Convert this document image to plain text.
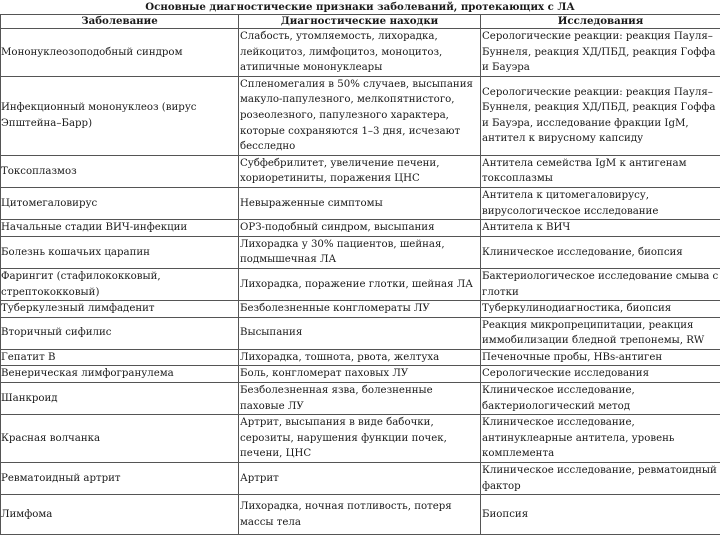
Основные диагностические признаки заболеваний, протекающих с ЛА
Заболевание	Диагностические находки	Исследования
Мононуклеозоподобный синдром	Слабость, утомляемость, лихорадка, лейкоцитоз, лимфоцитоз, моноцитоз, атипичные мононуклеары	Серологические реакции: реакция Пауля–Буннеля, реакция ХД/ПБД, реакция Гоффа и Бауэра
Инфекционный мононуклеоз (вирус Эпштейна–Барр)	Спленомегалия в 50% случаев, высыпания макуло-папулезного, мелкопятнистого, розеолезного, папулезного характера, которые сохраняются 1–3 дня, исчезают бесследно	Серологические реакции: реакция Пауля–Буннеля, реакция ХД/ПБД, реакция Гоффа и Бауэра, исследование фракции IgM, антител к вирусному капсиду
Токсоплазмоз	Субфебрилитет, увеличение печени, хориоретиниты, поражения ЦНС	Антитела семейства IgM к антигенам токсоплазмы
Цитомегаловирус	Невыраженные симптомы	Антитела к цитомегаловирусу, вирусологическое исследование
Начальные стадии ВИЧ-инфекции	ОРЗ-подобный синдром, высыпания	Антитела к ВИЧ
Болезнь кошачьих царапин	Лихорадка у 30% пациентов, шейная, подмышечная ЛА	Клиническое исследование, биопсия
Фарингит (стафилококковый, стрептококковый)	Лихорадка, поражение глотки, шейная ЛА	Бактериологическое исследование смыва с глотки
Туберкулезный лимфаденит	Безболезненные конгломераты ЛУ	Туберкулинодиагностика, биопсия
Вторичный сифилис	Высыпания	Реакция микропреципитации, реакция иммобилизации бледной трепонемы, RW
Гепатит В	Лихорадка, тошнота, рвота, желтуха	Печеночные пробы, HBs-антиген
Венерическая лимфогранулема	Боль, конгломерат паховых ЛУ	Серологические исследования
Шанкроид	Безболезненная язва, болезненные паховые ЛУ	Клиническое исследование, бактериологический метод
Красная волчанка	Артрит, высыпания в виде бабочки, серозиты, нарушения функции почек, печени, ЦНС	Клиническое исследование, антинуклеарные антитела, уровень комплемента
Ревматоидный артрит	Артрит	Клиническое исследование, ревматоидный фактор
Лимфома	Лихорадка, ночная потливость, потеря массы тела	Биопсия
